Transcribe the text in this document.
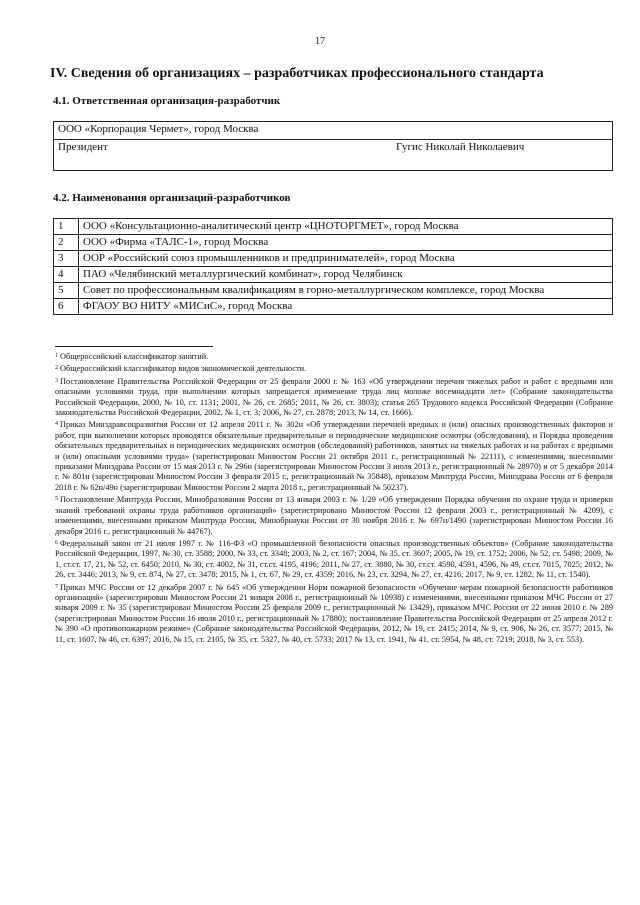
17
IV. Сведения об организациях – разработчиках профессионального стандарта
4.1. Ответственная организация-разработчик
ООО «Корпорация Чермет», город Москва
Президент	Гугис Николай Николаевич
4.2. Наименования организаций-разработчиков
1	ООО «Консультационно-аналитический центр «ЦНОТОРГМЕТ», город Москва
2	ООО «Фирма «ТАЛС-1», город Москва
3	ООР «Российский союз промышленников и предпринимателей», город Москва
4	ПАО «Челябинский металлургический комбинат», город Челябинск
5	Совет по профессиональным квалификациям в горно-металлургическом комплексе, город Москва
6	ФГАОУ ВО НИТУ «МИСиС», город Москва
$^1$ Общероссийский классификатор занятий.
$^2$ Общероссийский классификатор видов экономической деятельности.
$^3$ Постановление Правительства Российской Федерации от 25 февраля 2000 г. № 163 «Об утверждении перечня тяжелых работ и работ с вредными или опасными условиями труда, при выполнении которых запрещается применение труда лиц моложе восемнадцати лет» (Собрание законодательства Российской Федерации, 2000, № 10, ст. 1131; 2001, № 26, ст. 2685; 2011, № 26, ст. 3803); статья 265 Трудового кодекса Российской Федерации (Собрание законодательства Российской Федерации, 2002, № 1, ст. 3; 2006, № 27, ст. 2878; 2013, № 14, ст. 1666).
$^4$ Приказ Минздравсоцразвития России от 12 апреля 2011 г. № 302н «Об утверждении перечней вредных и (или) опасных производственных факторов и работ, при выполнении которых проводятся обязательные предварительные и периодические медицинские осмотры (обследования), и Порядка проведения обязательных предварительных и периодических медицинских осмотров (обследований) работников, занятых на тяжелых работах и на работах с вредными и (или) опасными условиями труда» (зарегистрирован Минюстом России 21 октября 2011 г., регистрационный № 22111), с изменениями, внесенными приказами Минздрава России от 15 мая 2013 г. № 296н (зарегистрирован Минюстом России 3 июля 2013 г., регистрационный № 28970) и от 5 декабря 2014 г. № 801н (зарегистрирован Минюстом России 3 февраля 2015 г., регистрационный № 35848), приказом Минтруда России, Минздрава России от 6 февраля 2018 г. № 62н/49н (зарегистрирован Минюстом России 2 марта 2018 г., регистрационный № 50237).
$^5$ Постановление Минтруда России, Минобразования России от 13 января 2003 г. № 1/29 «Об утверждении Порядка обучения по охране труда и проверки знаний требований охраны труда работников организаций» (зарегистрировано Минюстом России 12 февраля 2003 г., регистрационный № 4209), с изменениями, внесенными приказом Минтруда России, Минобрнауки России от 30 ноября 2016 г. № 697н/1490 (зарегистрирован Минюстом России 16 декабря 2016 г., регистрационный № 44767).
$^6$ Федеральный закон от 21 июля 1997 г. № 116-ФЗ «О промышленной безопасности опасных производственных объектов» (Собрание законодательства Российской Федерации, 1997, № 30, ст. 3588; 2000, № 33, ст. 3348; 2003, № 2, ст. 167; 2004, № 35, ст. 3607; 2005, № 19, ст. 1752; 2006, № 52, ст. 5498; 2009, № 1, ст.ст. 17, 21, № 52, ст. 6450; 2010, № 30, ст. 4002, № 31, ст.ст. 4195, 4196; 2011, № 27, ст. 3880, № 30, ст.ст. 4590, 4591, 4596, № 49, ст.ст. 7015, 7025; 2012, № 26, ст. 3446; 2013, № 9, ст. 874, № 27, ст. 3478; 2015, № 1, ст. 67, № 29, ст. 4359; 2016, № 23, ст. 3294, № 27, ст. 4216; 2017, № 9, ст. 1282, № 11, ст. 1540).
$^7$ Приказ МЧС России от 12 декабря 2007 г. № 645 «Об утверждении Норм пожарной безопасности «Обучение мерам пожарной безопасности работников организаций» (зарегистрирован Минюстом России 21 января 2008 г., регистрационный № 10938) с изменениями, внесенными приказом МЧС России от 27 января 2009 г. № 35 (зарегистрирован Минюстом России 25 февраля 2009 г., регистрационный № 13429), приказом МЧС России от 22 июня 2010 г. № 289 (зарегистрирован Минюстом России 16 июля 2010 г., регистрационный № 17880); постановление Правительства Российской Федерации от 25 апреля 2012 г. № 390 «О противопожарном режиме» (Собрание законодательства Российской Федерации, 2012, № 19, ст. 2415; 2014, № 9, ст. 906, № 26, ст. 3577; 2015, № 11, ст. 1607, № 46, ст. 6397; 2016, № 15, ст. 2105, № 35, ст. 5327, № 40, ст. 5733; 2017 № 13, ст. 1941, № 41, ст. 5954, № 48, ст. 7219; 2018, № 3, ст. 553).
